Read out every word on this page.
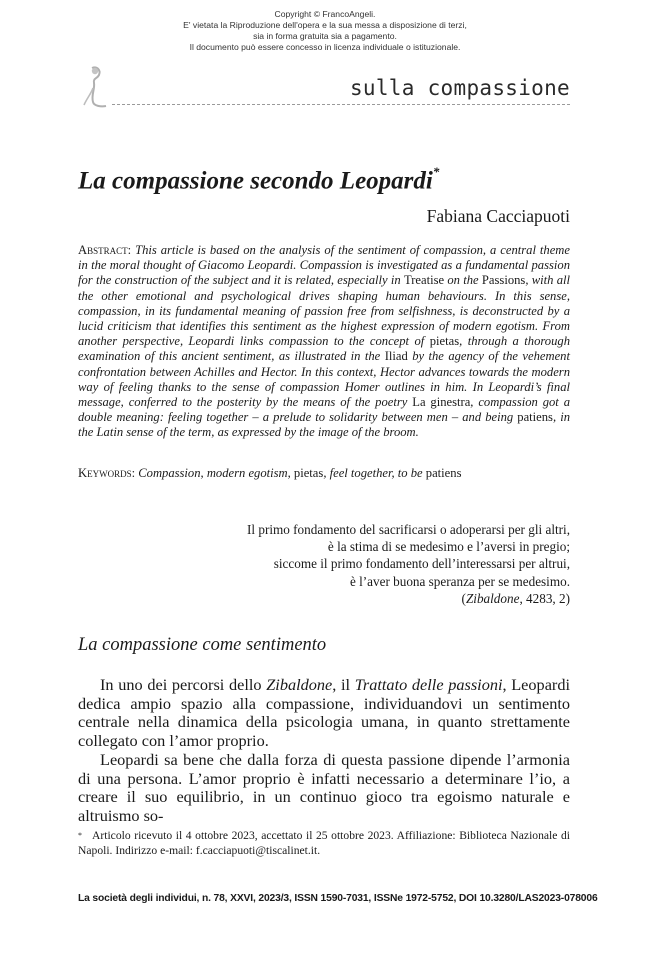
Copyright © FrancoAngeli.
E' vietata la Riproduzione dell'opera e la sua messa a disposizione di terzi,
sia in forma gratuita sia a pagamento.
Il documento può essere concesso in licenza individuale o istituzionale.
sulla compassione
La compassione secondo Leopardi*
Fabiana Cacciapuoti
Abstract: This article is based on the analysis of the sentiment of compassion, a central theme in the moral thought of Giacomo Leopardi. Compassion is investigated as a fundamental passion for the construction of the subject and it is related, especially in Treatise on the Passions, with all the other emotional and psychological drives shaping human behaviours. In this sense, compassion, in its fundamental meaning of passion free from selfishness, is deconstructed by a lucid criticism that identifies this sentiment as the highest expression of modern egotism. From another perspective, Leopardi links compassion to the concept of pietas, through a thorough examination of this ancient sentiment, as illustrated in the Iliad by the agency of the vehement confrontation between Achilles and Hector. In this context, Hector advances towards the modern way of feeling thanks to the sense of compassion Homer outlines in him. In Leopardi’s final message, conferred to the posterity by the means of the poetry La ginestra, compassion got a double meaning: feeling together – a prelude to solidarity between men – and being patiens, in the Latin sense of the term, as expressed by the image of the broom.
Keywords: Compassion, modern egotism, pietas, feel together, to be patiens
Il primo fondamento del sacrificarsi o adoperarsi per gli altri,
è la stima di se medesimo e l’aversi in pregio;
siccome il primo fondamento dell’interessarsi per altrui,
è l’aver buona speranza per se medesimo.
(Zibaldone, 4283, 2)
La compassione come sentimento

In uno dei percorsi dello Zibaldone, il Trattato delle passioni, Leopardi dedica ampio spazio alla compassione, individuandovi un sentimento centrale nella dinamica della psicologia umana, in quanto strettamente collegato con l’amor proprio.

Leopardi sa bene che dalla forza di questa passione dipende l’armonia di una persona. L’amor proprio è infatti necessario a determinare l’io, a creare il suo equilibrio, in un continuo gioco tra egoismo naturale e altruismo so-

* Articolo ricevuto il 4 ottobre 2023, accettato il 25 ottobre 2023. Affiliazione: Biblioteca Nazionale di Napoli. Indirizzo e-mail: f.cacciapuoti@tiscalinet.it.
La società degli individui, n. 78, XXVI, 2023/3, ISSN 1590-7031, ISSNe 1972-5752, DOI 10.3280/LAS2023-078006
